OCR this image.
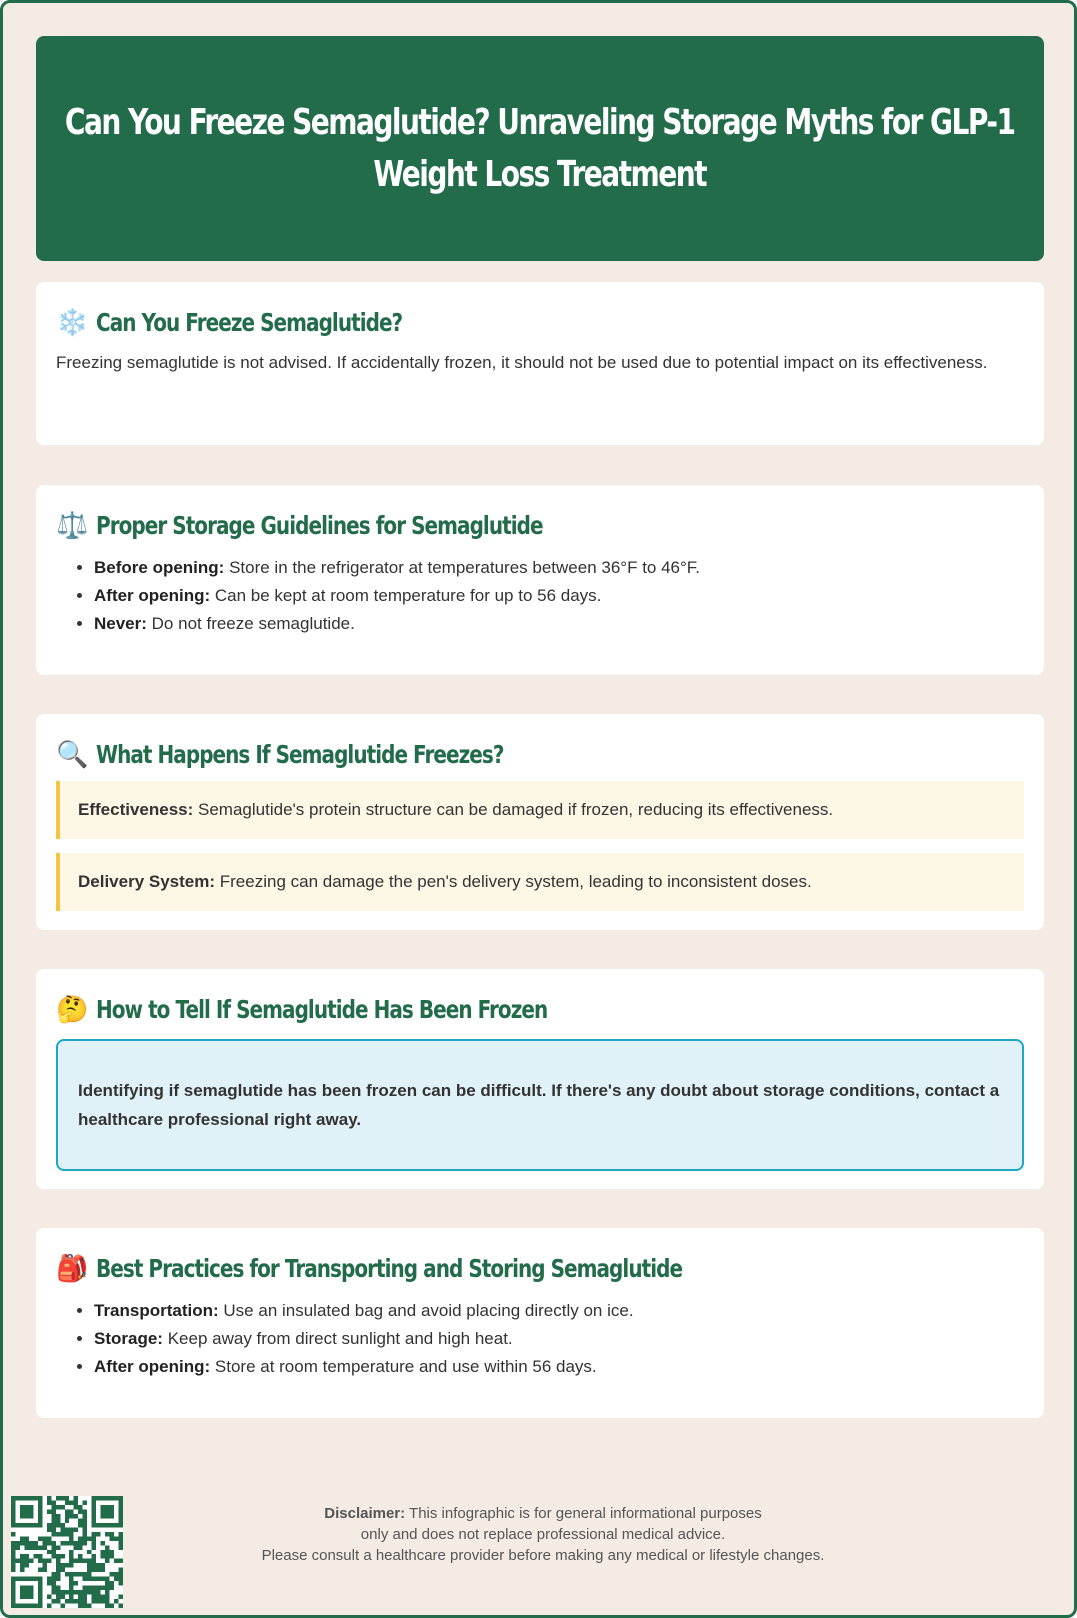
Can You Freeze Semaglutide? Unraveling Storage Myths for GLP-1
Weight Loss Treatment
❄️ Can You Freeze Semaglutide?
Freezing semaglutide is not advised. If accidentally frozen, it should not be used due to potential impact on its effectiveness.
⚖️ Proper Storage Guidelines for Semaglutide
• Before opening: Store in the refrigerator at temperatures between 36°F to 46°F.
• After opening: Can be kept at room temperature for up to 56 days.
• Never: Do not freeze semaglutide.
🔍 What Happens If Semaglutide Freezes?
Effectiveness: Semaglutide's protein structure can be damaged if frozen, reducing its effectiveness.
Delivery System: Freezing can damage the pen's delivery system, leading to inconsistent doses.
🤔 How to Tell If Semaglutide Has Been Frozen
Identifying if semaglutide has been frozen can be difficult. If there's any doubt about storage conditions, contact a healthcare professional right away.
🎒 Best Practices for Transporting and Storing Semaglutide
• Transportation: Use an insulated bag and avoid placing directly on ice.
• Storage: Keep away from direct sunlight and high heat.
• After opening: Store at room temperature and use within 56 days.
Disclaimer: This infographic is for general informational purposes
only and does not replace professional medical advice.
Please consult a healthcare provider before making any medical or lifestyle changes.
